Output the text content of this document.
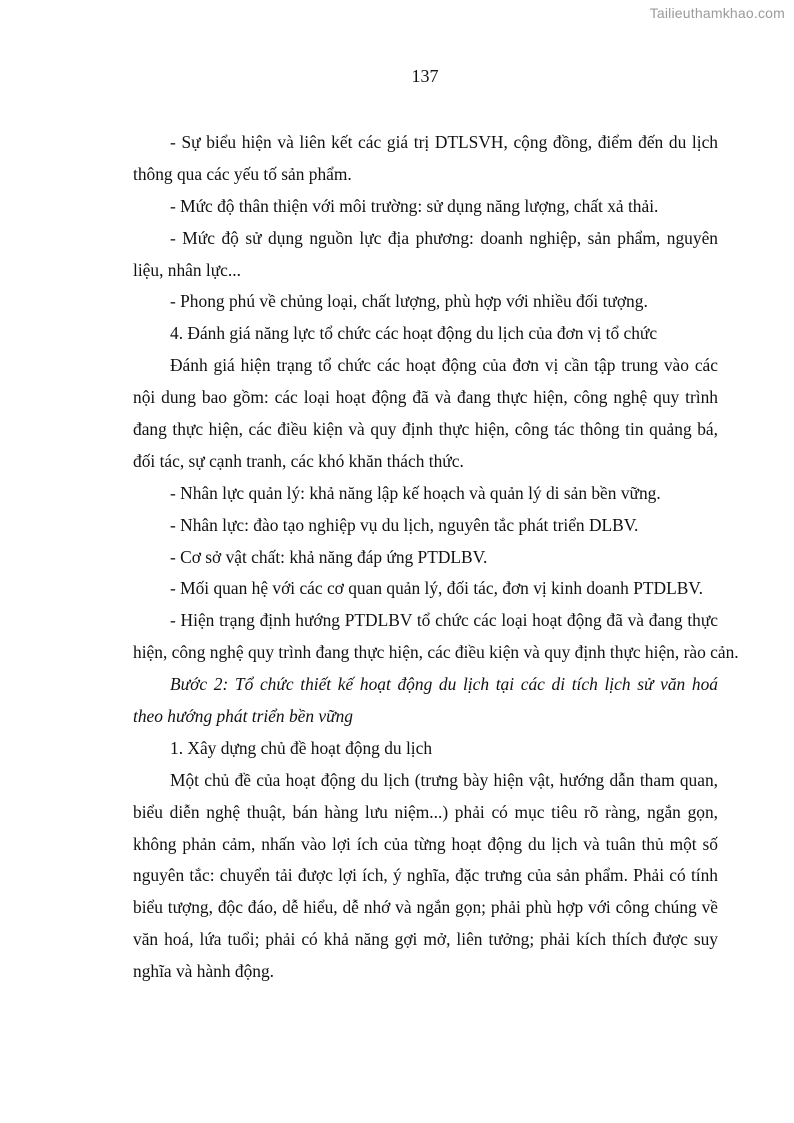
Tailieuthamkhao.com
137
- Sự biểu hiện và liên kết các giá trị DTLSVH, cộng đồng, điểm đến du lịch
thông qua các yếu tố sản phẩm.
- Mức độ thân thiện với môi trường: sử dụng năng lượng, chất xả thải.
- Mức độ sử dụng nguồn lực địa phương: doanh nghiệp, sản phẩm, nguyên
liệu, nhân lực...
- Phong phú về chủng loại, chất lượng, phù hợp với nhiều đối tượng.
4. Đánh giá năng lực tổ chức các hoạt động du lịch của đơn vị tổ chức
Đánh giá hiện trạng tổ chức các hoạt động của đơn vị cần tập trung vào các
nội dung bao gồm: các loại hoạt động đã và đang thực hiện, công nghệ quy trình
đang thực hiện, các điều kiện và quy định thực hiện, công tác thông tin quảng bá,
đối tác, sự cạnh tranh, các khó khăn thách thức.
- Nhân lực quản lý: khả năng lập kế hoạch và quản lý di sản bền vững.
- Nhân lực: đào tạo nghiệp vụ du lịch, nguyên tắc phát triển DLBV.
- Cơ sở vật chất: khả năng đáp ứng PTDLBV.
- Mối quan hệ với các cơ quan quản lý, đối tác, đơn vị kinh doanh PTDLBV.
- Hiện trạng định hướng PTDLBV tổ chức các loại hoạt động đã và đang thực
hiện, công nghệ quy trình đang thực hiện, các điều kiện và quy định thực hiện, rào cản.
Bước 2: Tổ chức thiết kế hoạt động du lịch tại các di tích lịch sử văn hoá
theo hướng phát triển bền vững
1. Xây dựng chủ đề hoạt động du lịch
Một chủ đề của hoạt động du lịch (trưng bày hiện vật, hướng dẫn tham quan,
biểu diễn nghệ thuật, bán hàng lưu niệm...) phải có mục tiêu rõ ràng, ngắn gọn,
không phản cảm, nhấn vào lợi ích của từng hoạt động du lịch và tuân thủ một số
nguyên tắc: chuyển tải được lợi ích, ý nghĩa, đặc trưng của sản phẩm. Phải có tính
biểu tượng, độc đáo, dễ hiểu, dễ nhớ và ngắn gọn; phải phù hợp với công chúng về
văn hoá, lứa tuổi; phải có khả năng gợi mở, liên tưởng; phải kích thích được suy
nghĩa và hành động.
